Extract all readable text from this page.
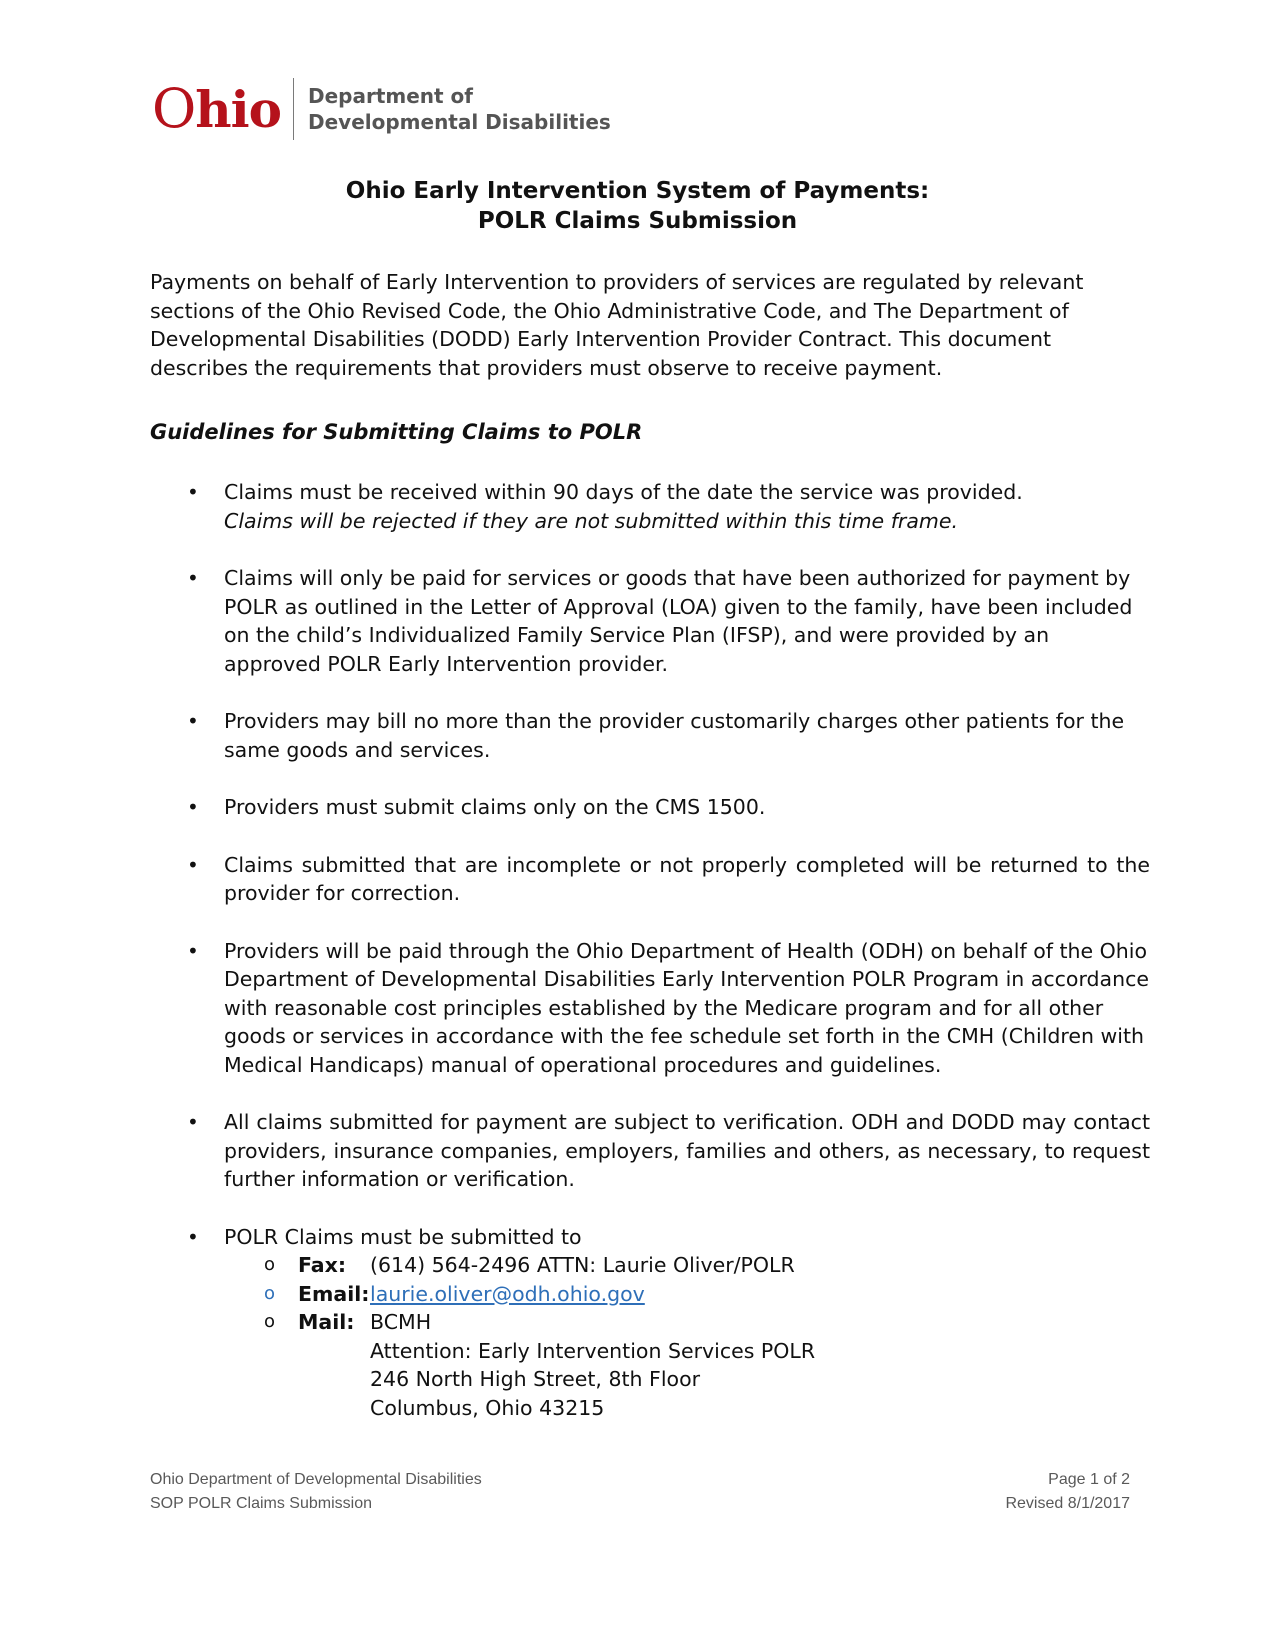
Ohio Department of
Developmental Disabilities
Ohio Early Intervention System of Payments:
POLR Claims Submission
Payments on behalf of Early Intervention to providers of services are regulated by relevant sections of the Ohio Revised Code, the Ohio Administrative Code, and The Department of Developmental Disabilities (DODD) Early Intervention Provider Contract. This document describes the requirements that providers must observe to receive payment.
Guidelines for Submitting Claims to POLR
• Claims must be received within 90 days of the date the service was provided.
Claims will be rejected if they are not submitted within this time frame.
• Claims will only be paid for services or goods that have been authorized for payment by POLR as outlined in the Letter of Approval (LOA) given to the family, have been included on the child’s Individualized Family Service Plan (IFSP), and were provided by an approved POLR Early Intervention provider.
• Providers may bill no more than the provider customarily charges other patients for the same goods and services.
• Providers must submit claims only on the CMS 1500.
• Claims submitted that are incomplete or not properly completed will be returned to the provider for correction.
• Providers will be paid through the Ohio Department of Health (ODH) on behalf of the Ohio Department of Developmental Disabilities Early Intervention POLR Program in accordance with reasonable cost principles established by the Medicare program and for all other goods or services in accordance with the fee schedule set forth in the CMH (Children with Medical Handicaps) manual of operational procedures and guidelines.
• All claims submitted for payment are subject to verification. ODH and DODD may contact providers, insurance companies, employers, families and others, as necessary, to request further information or verification.
• POLR Claims must be submitted to
o Fax: (614) 564-2496 ATTN: Laurie Oliver/POLR
o Email:laurie.oliver@odh.ohio.gov
o Mail: BCMH
Attention: Early Intervention Services POLR
246 North High Street, 8th Floor
Columbus, Ohio 43215
Ohio Department of Developmental Disabilities
SOP POLR Claims Submission
Page 1 of 2
Revised 8/1/2017
